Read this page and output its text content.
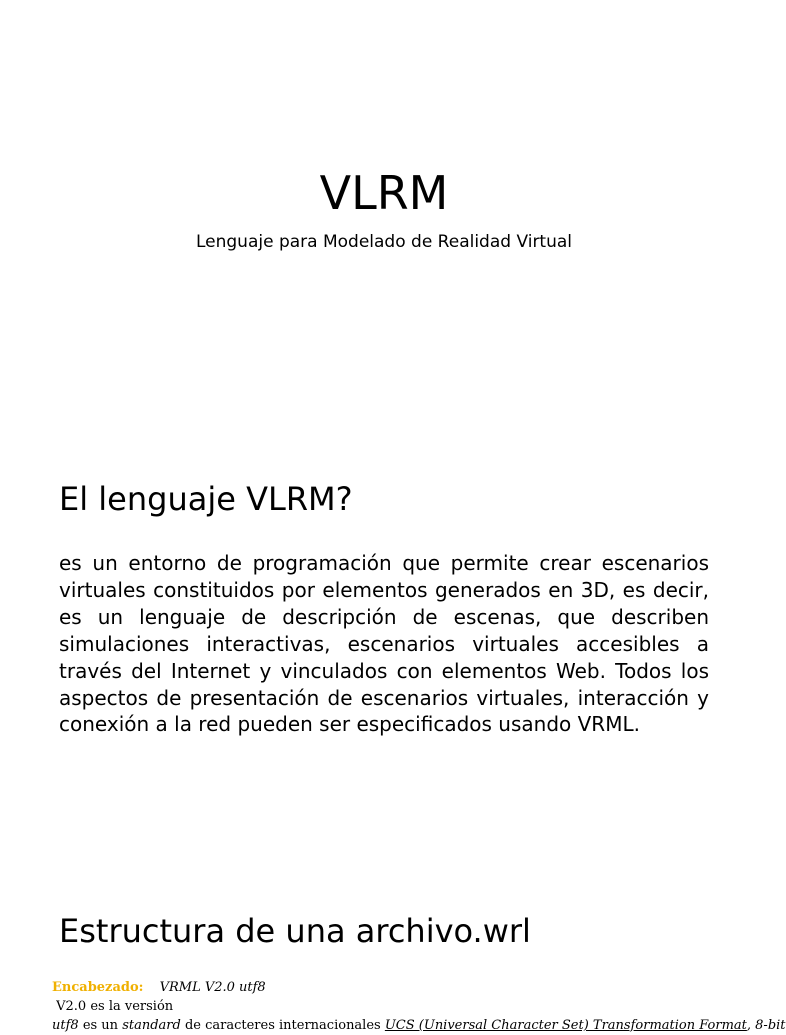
VLRM

Lenguaje para Modelado de Realidad Virtual

El lenguaje VLRM?

es un entorno de programación que permite crear escenarios virtuales constituidos por elementos generados en 3D, es decir, es un lenguaje de descripción de escenas, que describen simulaciones interactivas, escenarios virtuales accesibles a través del Internet y vinculados con elementos Web. Todos los aspectos de presentación de escenarios virtuales, interacción y conexión a la red pueden ser especificados usando VRML.

Estructura de una archivo.wrl
Encabezado: VRML V2.0 utf8
V2.0 es la versión
utf8 es un standard de caracteres internacionales UCS (Universal Character Set) Transformation Format, 8-bit
